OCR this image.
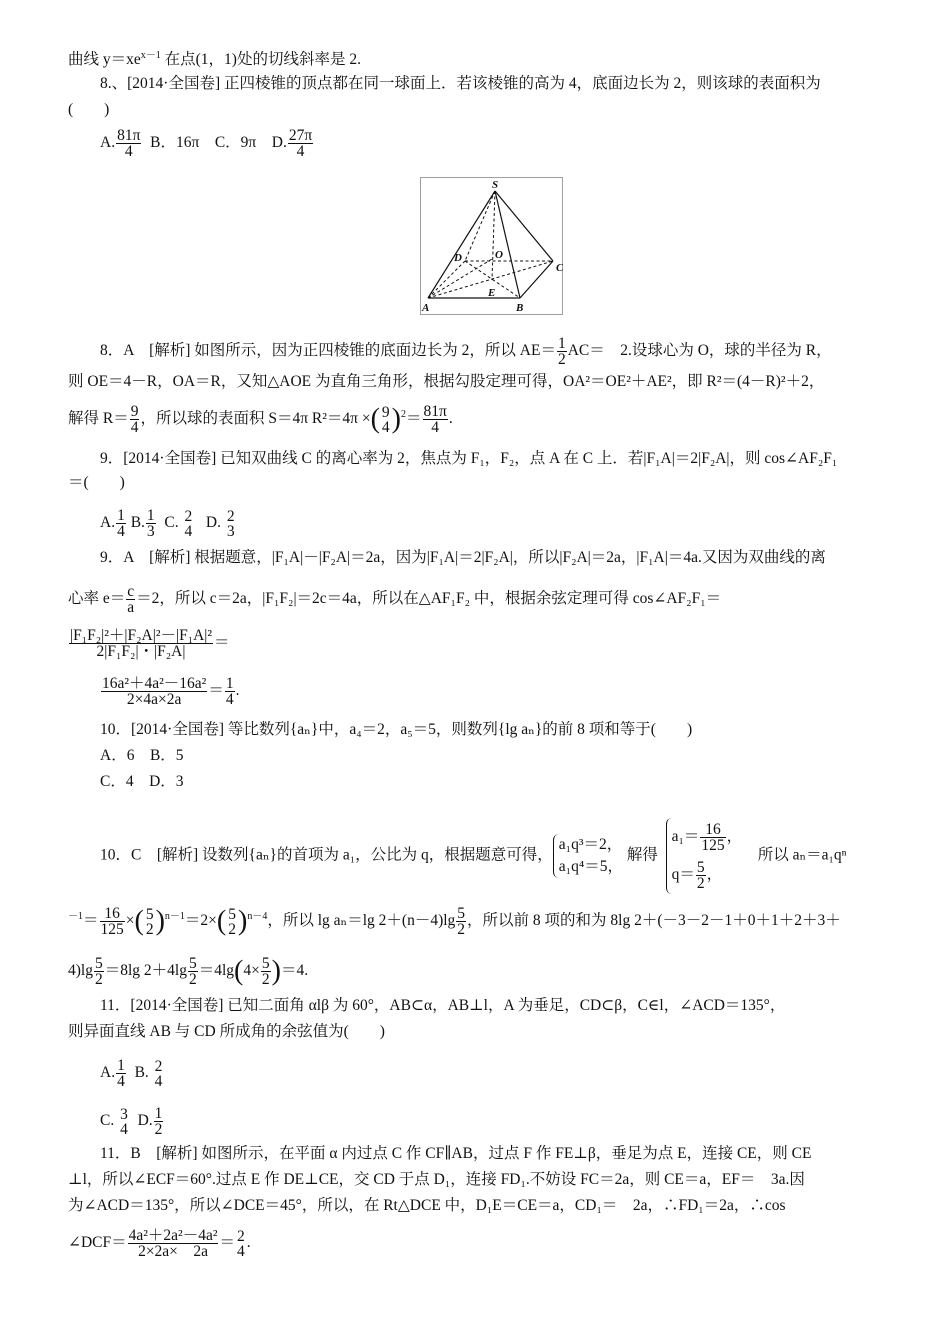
曲线 $y=xe^{x-1}$ 在点(1，1)处的切线斜率是 2.
8.、[2014·全国卷] 正四棱锥的顶点都在同一球面上．若该棱锥的高为 4，底面边长为 2，则该球的表面积为
(　　)
A. $\frac{81\pi}{4}$ B．16π C．9π    D. $\frac{27\pi}{4}$
S
O
D
C
E
A	B
8．A　[解析] 如图所示，因为正四棱锥的底面边长为 2，所以 $AE= \frac{1}{2} AC=$　2.设球心为 O，球的半径为 R，
则 OE＝4－R，OA＝R，又知△AOE 为直角三角形，根据勾股定理可得，OA²＝OE²＋AE²，即 R²＝(4－R)²＋2，
解得 $R= \frac{9}{4}$ ，所以球的表面积 S＝4π R²＝4π ×( 9
4 )$^2= \frac{81\pi}{4}$ .
9．[2014·全国卷] 已知双曲线 C 的离心率为 2，焦点为 F₁，F₂，点 A 在 C 上．若|F₁A|＝2|F₂A|，则 cos∠AF₂F₁
＝(　　)
A. $\frac{1}{4} B$. $\frac{1}{3} C$. 2
4 D. 2
3
9．A　[解析] 根据题意，|F₁A|－|F₂A|＝2a，因为|F₁A|＝2|F₂A|，所以|F₂A|＝2a，|F₁A|＝4a.又因为双曲线的离
心率 $e= \frac{c}{a} =2$，所以 c＝2a，|F₁F₂|＝2c＝4a，所以在△AF₁F₂ 中，根据余弦定理可得 cos∠AF₂F₁＝
$\frac{\text{|F₁F₂|²＋|F₂A|²－|F₁A|²}}{\text{2|F₁F₂|・|F₂A|}}$ ＝
$\frac{\text{16a²＋4a²－16a²}}{2\times 4a\times 2a} = \frac{1}{4}$ .
10．[2014·全国卷] 等比数列{aₙ}中，a₄＝2，a₅＝5，则数列{lg aₙ}的前 8 项和等于(　　)
A．6　B．5
C．4　D．3
10．C　[解析] 设数列{aₙ}的首项为 a₁，公比为 q，根据题意可得，
a₁q³＝2，
a₁q⁴＝5，
解得
$a_1= \frac{16}{125}$ ，
$q= \frac{5}{2}$ ，
所以 aₙ＝a₁qⁿ
$^{-1}= \frac{16}{125}$ ×( 5
2 )$^{n-1}$＝2×( 5
2 )$^{n-4}$，所以 lg aₙ＝lg $2+(n-4)\lg \frac{5}{2}$ ，所以前 8 项的和为 8lg 2＋(－3－2－1＋0＋1＋2＋3＋
$4)\lg \frac{5}{2} =8\lg$ $2+4\lg \frac{5}{2} =4\lg(4\times \frac{5}{2} )=4$.
11．[2014·全国卷] 已知二面角 αlβ 为 60°，AB⊂α，AB⊥l，A 为垂足，CD⊂β，C∈l，∠ACD＝135°，
则异面直线 AB 与 CD 所成角的余弦值为(　　)
A. $\frac{1}{4} B$. 2
4
C. 3
4 D. $\frac{1}{2}$
11．B　[解析] 如图所示，在平面 α 内过点 C 作 CF∥AB，过点 F 作 FE⊥β，垂足为点 E，连接 CE，则 CE
⊥l，所以∠ECF＝60°.过点 E 作 DE⊥CE，交 CD 于点 D₁，连接 FD₁.不妨设 FC＝2a，则 CE＝a，EF＝　3a.因
为∠ACD＝135°，所以∠DCE＝45°，所以，在 Rt△DCE 中，D₁E＝CE＝a，CD₁＝　2a，∴FD₁＝2a，∴cos
∠DCF＝ $\frac{\text{4a²＋2a²－4a²}}{2\times 2a\times 2a} = 2$
4 .
